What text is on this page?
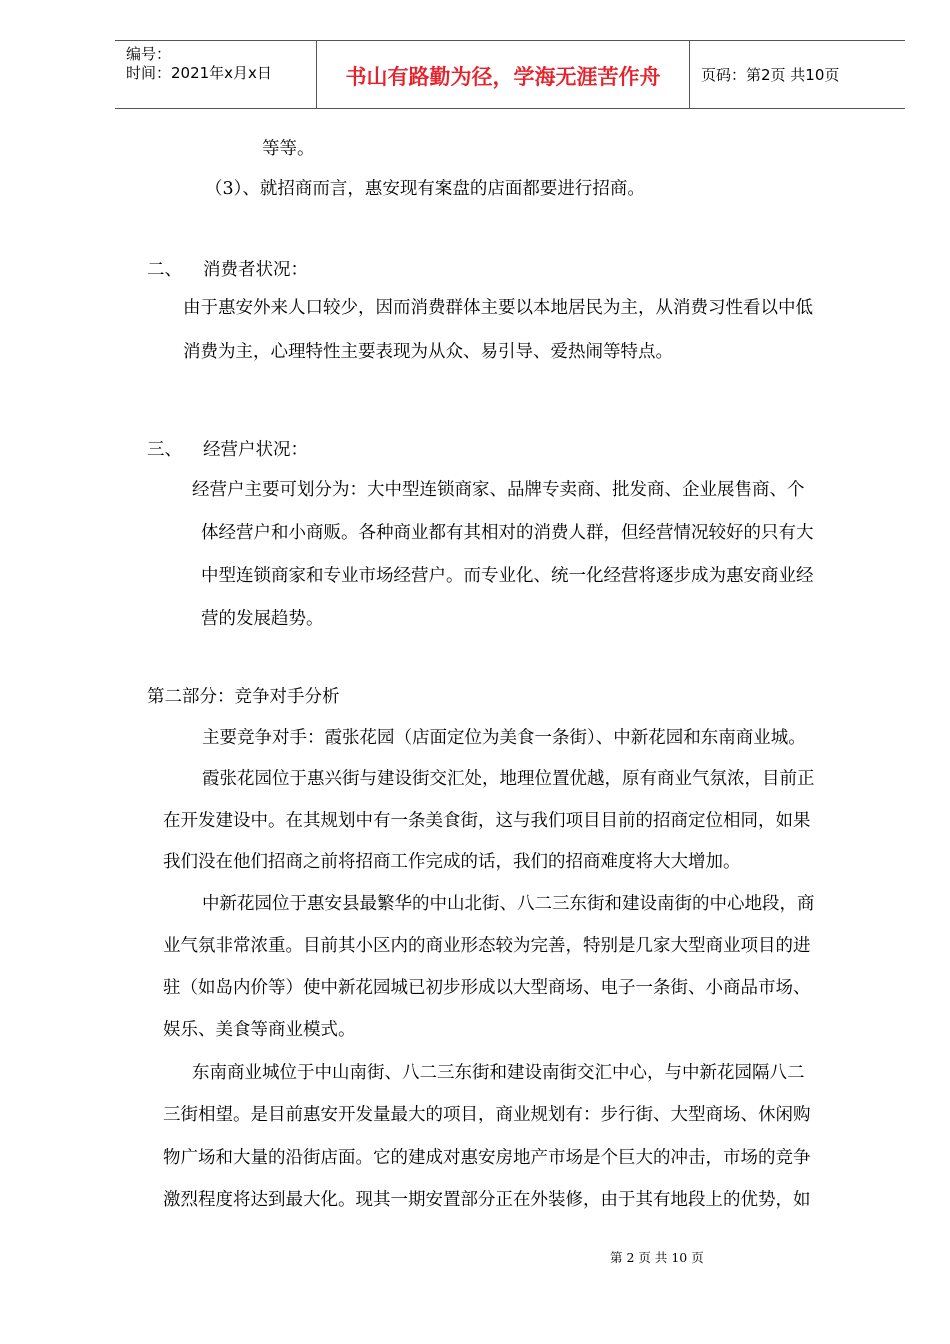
编号：
时间：2021年x月x日	书山有路勤为径，学海无涯苦作舟	页码：第2页 共10页
等等。
（3）、就招商而言，惠安现有案盘的店面都要进行招商。
二、 消费者状况：
由于惠安外来人口较少，因而消费群体主要以本地居民为主，从消费习性看以中低
消费为主，心理特性主要表现为从众、易引导、爱热闹等特点。
三、 经营户状况：
经营户主要可划分为：大中型连锁商家、品牌专卖商、批发商、企业展售商、个
体经营户和小商贩。各种商业都有其相对的消费人群，但经营情况较好的只有大
中型连锁商家和专业市场经营户。而专业化、统一化经营将逐步成为惠安商业经
营的发展趋势。
第二部分：竞争对手分析
主要竞争对手：霞张花园（店面定位为美食一条街）、中新花园和东南商业城。
霞张花园位于惠兴街与建设街交汇处，地理位置优越，原有商业气氛浓，目前正
在开发建设中。在其规划中有一条美食街，这与我们项目目前的招商定位相同，如果
我们没在他们招商之前将招商工作完成的话，我们的招商难度将大大增加。
中新花园位于惠安县最繁华的中山北街、八二三东街和建设南街的中心地段，商
业气氛非常浓重。目前其小区内的商业形态较为完善，特别是几家大型商业项目的进
驻（如岛内价等）使中新花园城已初步形成以大型商场、电子一条街、小商品市场、
娱乐、美食等商业模式。
东南商业城位于中山南街、八二三东街和建设南街交汇中心，与中新花园隔八二
三街相望。是目前惠安开发量最大的项目，商业规划有：步行街、大型商场、休闲购
物广场和大量的沿街店面。它的建成对惠安房地产市场是个巨大的冲击，市场的竞争
激烈程度将达到最大化。现其一期安置部分正在外装修，由于其有地段上的优势，如
第 2 页 共 10 页
